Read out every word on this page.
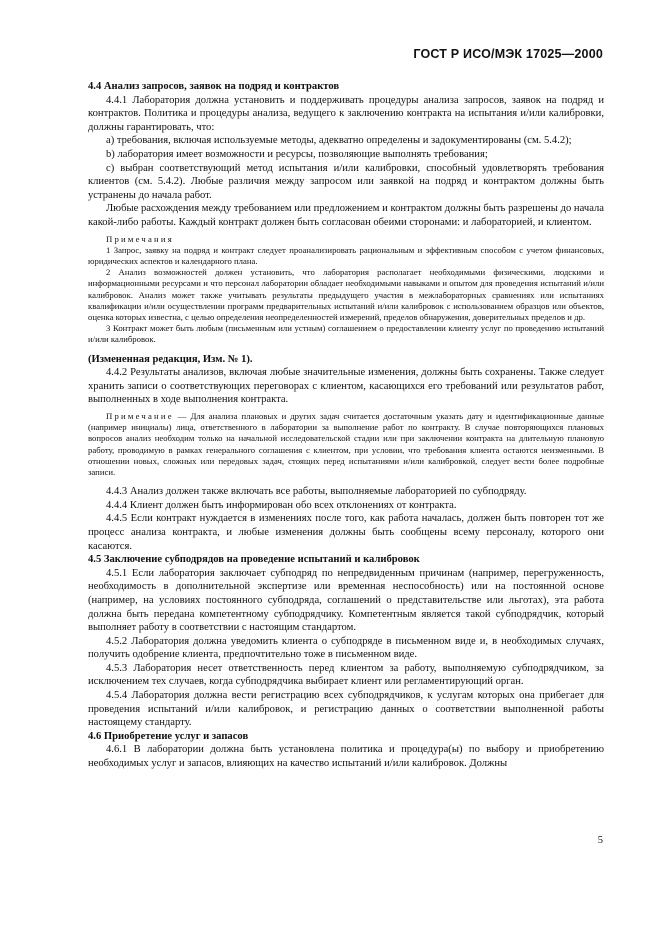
ГОСТ Р ИСО/МЭК 17025—2000

4.4 Анализ запросов, заявок на подряд и контрактов

4.4.1 Лаборатория должна установить и поддерживать процедуры анализа запросов, заявок на подряд и контрактов. Политика и процедуры анализа, ведущего к заключению контракта на испытания и/или калибровки, должны гарантировать, что:

а) требования, включая используемые методы, адекватно определены и задокументированы (см. 5.4.2);

b) лаборатория имеет возможности и ресурсы, позволяющие выполнять требования;

c) выбран соответствующий метод испытания и/или калибровки, способный удовлетворять требования клиентов (см. 5.4.2). Любые различия между запросом или заявкой на подряд и контрактом должны быть устранены до начала работ.

Любые расхождения между требованием или предложением и контрактом должны быть разрешены до начала какой-либо работы. Каждый контракт должен быть согласован обеими сторонами: и лабораторией, и клиентом.

Примечания

1 Запрос, заявку на подряд и контракт следует проанализировать рациональным и эффективным способом с учетом финансовых, юридических аспектов и календарного плана.

2 Анализ возможностей должен установить, что лаборатория располагает необходимыми физическими, людскими и информационными ресурсами и что персонал лаборатории обладает необходимыми навыками и опытом для проведения испытаний и/или калибровок. Анализ может также учитывать результаты предыдущего участия в межлабораторных сравнениях или испытаниях квалификации и/или осуществлении программ предварительных испытаний и/или калибровок с использованием образцов или объектов, оценка которых известна, с целью определения неопределенностей измерений, пределов обнаружения, доверительных пределов и др.

3 Контракт может быть любым (письменным или устным) соглашением о предоставлении клиенту услуг по проведению испытаний и/или калибровок.

(Измененная редакция, Изм. № 1).

4.4.2 Результаты анализов, включая любые значительные изменения, должны быть сохранены. Также следует хранить записи о соответствующих переговорах с клиентом, касающихся его требований или результатов работ, выполненных в ходе выполнения контракта.

Примечание — Для анализа плановых и других задач считается достаточным указать дату и идентификационные данные (например инициалы) лица, ответственного в лаборатории за выполнение работ по контракту. В случае повторяющихся плановых вопросов анализ необходим только на начальной исследовательской стадии или при заключении контракта на длительную плановую работу, проводимую в рамках генерального соглашения с клиентом, при условии, что требования клиента остаются неизменными. В отношении новых, сложных или передовых задач, стоящих перед испытаниями и/или калибровкой, следует вести более подробные записи.

4.4.3 Анализ должен также включать все работы, выполняемые лабораторией по субподряду.

4.4.4 Клиент должен быть информирован обо всех отклонениях от контракта.

4.4.5 Если контракт нуждается в изменениях после того, как работа началась, должен быть повторен тот же процесс анализа контракта, и любые изменения должны быть сообщены всему персоналу, которого они касаются.

4.5 Заключение субподрядов на проведение испытаний и калибровок

4.5.1 Если лаборатория заключает субподряд по непредвиденным причинам (например, перегруженность, необходимость в дополнительной экспертизе или временная неспособность) или на постоянной основе (например, на условиях постоянного субподряда, соглашений о представительстве или льготах), эта работа должна быть передана компетентному субподрядчику. Компетентным является такой субподрядчик, который выполняет работу в соответствии с настоящим стандартом.

4.5.2 Лаборатория должна уведомить клиента о субподряде в письменном виде и, в необходимых случаях, получить одобрение клиента, предпочтительно тоже в письменном виде.

4.5.3 Лаборатория несет ответственность перед клиентом за работу, выполняемую субподрядчиком, за исключением тех случаев, когда субподрядчика выбирает клиент или регламентирующий орган.

4.5.4 Лаборатория должна вести регистрацию всех субподрядчиков, к услугам которых она прибегает для проведения испытаний и/или калибровок, и регистрацию данных о соответствии выполненной работы настоящему стандарту.

4.6 Приобретение услуг и запасов

4.6.1 В лаборатории должна быть установлена политика и процедура(ы) по выбору и приобретению необходимых услуг и запасов, влияющих на качество испытаний и/или калибровок. Должны

5
